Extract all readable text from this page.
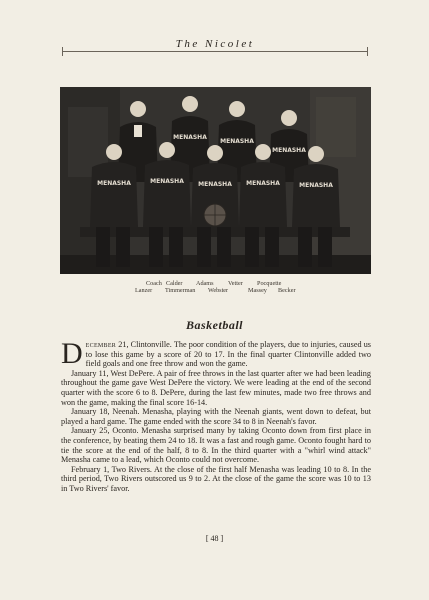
The Nicolet
MENASHA
MENASHA
MENASHA
MENASHA	MENASHA MENASHA MENASHA	MENASHA
Coach Calder Adams Vetter Pocquette
Lanzer Timmerman Webster	Massey Becker
Basketball

December 21, Clintonville. The poor condition of the players, due to injuries, caused us to lose this game by a score of 20 to 17. In the final quarter Clintonville added two field goals and one free throw and won the game.

January 11, West DePere. A pair of free throws in the last quarter after we had been leading throughout the game gave West DePere the victory. We were leading at the end of the second quarter with the score 6 to 8. DePere, during the last few minutes, made two free throws and won the game, making the final score 16-14.

January 18, Neenah. Menasha, playing with the Neenah giants, went down to defeat, but played a hard game. The game ended with the score 34 to 8 in Neenah's favor.

January 25, Oconto. Menasha surprised many by taking Oconto down from first place in the conference, by beating them 24 to 18. It was a fast and rough game. Oconto fought hard to tie the score at the end of the half, 8 to 8. In the third quarter with a "whirl wind attack" Menasha came to a lead, which Oconto could not overcome.

February 1, Two Rivers. At the close of the first half Menasha was leading 10 to 8. In the third period, Two Rivers outscored us 9 to 2. At the close of the game the score was 10 to 13 in Two Rivers' favor.

[ 48 ]
